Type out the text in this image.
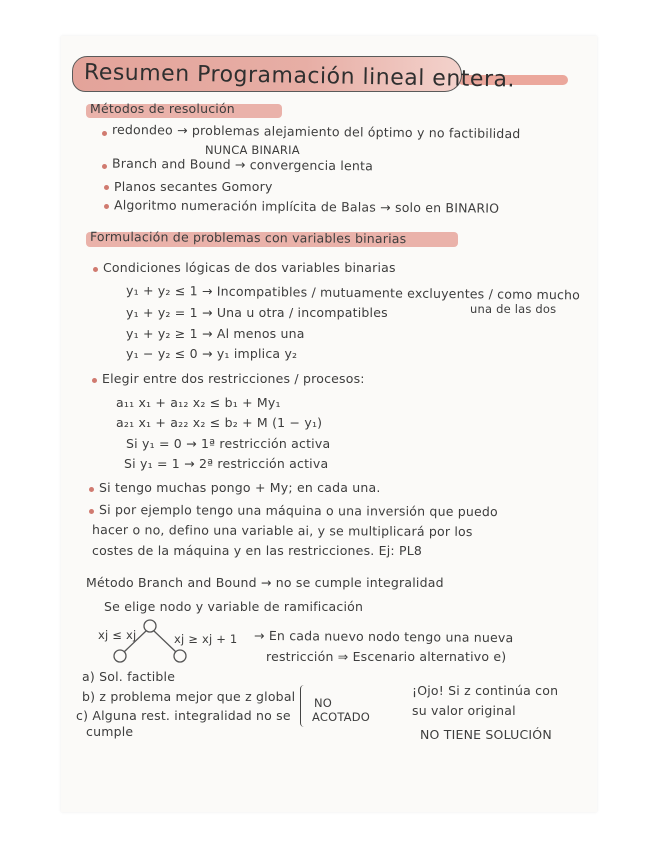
Resumen Programación lineal entera.
Métodos de resolución
redondeo → problemas alejamiento del óptimo y no factibilidad
NUNCA BINARIA
Branch and Bound → convergencia lenta
Planos secantes Gomory
Algoritmo numeración implícita de Balas → solo en BINARIO
Formulación de problemas con variables binarias
Condiciones lógicas de dos variables binarias
y₁ + y₂ ≤ 1 → Incompatibles / mutuamente excluyentes / como mucho
una de las dos
y₁ + y₂ = 1 → Una u otra / incompatibles
y₁ + y₂ ≥ 1 → Al menos una
y₁ − y₂ ≤ 0 → y₁ implica y₂
Elegir entre dos restricciones / procesos:
a₁₁ x₁ + a₁₂ x₂ ≤ b₁ + My₁
a₂₁ x₁ + a₂₂ x₂ ≤ b₂ + M (1 − y₁)
Si y₁ = 0 → 1ª restricción activa
Si y₁ = 1 → 2ª restricción activa
Si tengo muchas pongo + My; en cada una.
Si por ejemplo tengo una máquina o una inversión que puedo
hacer o no, defino una variable ai, y se multiplicará por los
costes de la máquina y en las restricciones. Ej: PL8
Método Branch and Bound → no se cumple integralidad
Se elige nodo y variable de ramificación
xj ≤ xj	xj ≥ xj + 1 → En cada nuevo nodo tengo una nueva
restricción ⇒ Escenario alternativo e)
a) Sol. factible
b) z problema mejor que z global
c) Alguna rest. integralidad no se
cumple
NO
ACOTADO
¡Ojo! Si z continúa con
su valor original
NO TIENE SOLUCIÓN
